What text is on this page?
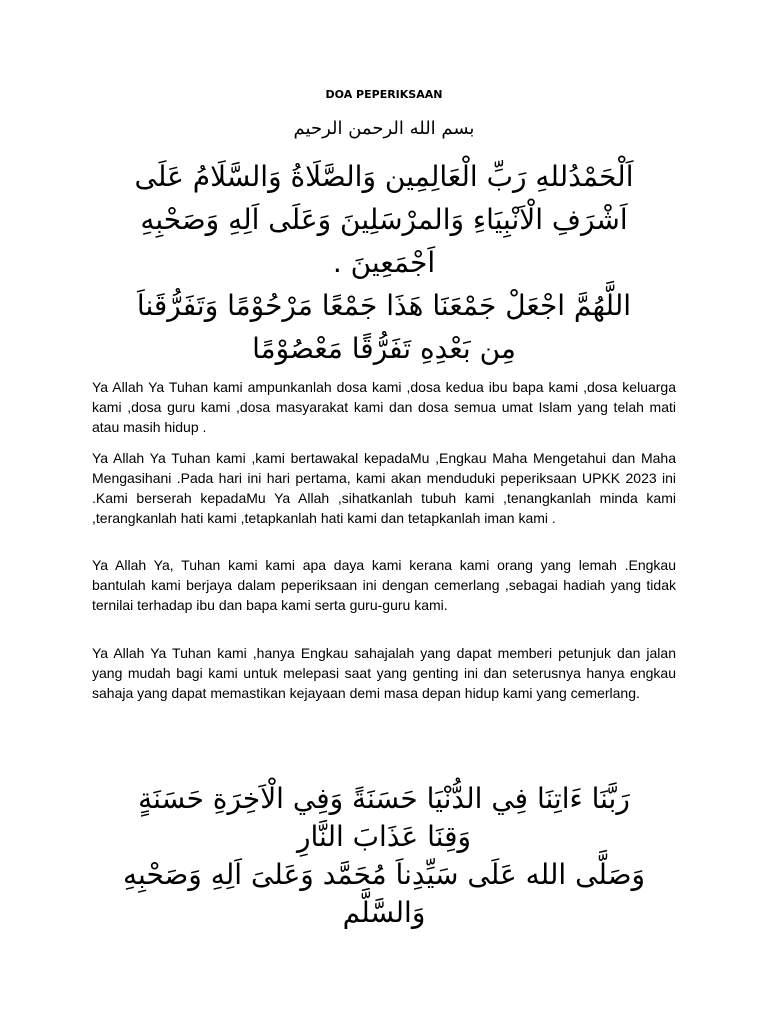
DOA PEPERIKSAAN
بسم الله الرحمن الرحيم
اَلْحَمْدُللهِ رَبِّ الْعَالِمِين وَالصَّلَاةُ وَالسَّلَامُ عَلَى
اَشْرَفِ الْاَنْبِيَاءِ وَالمرْسَلِينَ وَعَلَى اَلِهِ وَصَحْبِهِ
اَجْمَعِينَ .
اللَّهُمَّ اجْعَلْ جَمْعَنَا هَذَا جَمْعًا مَرْحُوْمًا وَتَفَرُّقَناَ
مِن بَعْدِهِ تَفَرُّقًا مَعْصُوْمًا

Ya Allah Ya Tuhan kami ampunkanlah dosa kami ,dosa kedua ibu bapa kami ,dosa keluarga kami ,dosa guru kami ,dosa masyarakat kami dan dosa semua umat Islam yang telah mati atau masih hidup .

Ya Allah Ya Tuhan kami ,kami bertawakal kepadaMu ,Engkau Maha Mengetahui dan Maha Mengasihani .Pada hari ini hari pertama, kami akan menduduki peperiksaan UPKK 2023 ini .Kami berserah kepadaMu Ya Allah ,sihatkanlah tubuh kami ,tenangkanlah minda kami ,terangkanlah hati kami ,tetapkanlah hati kami dan tetapkanlah iman kami .

Ya Allah Ya, Tuhan kami kami apa daya kami kerana kami orang yang lemah .Engkau bantulah kami berjaya dalam peperiksaan ini dengan cemerlang ,sebagai hadiah yang tidak ternilai terhadap ibu dan bapa kami serta guru-guru kami.

Ya Allah Ya Tuhan kami ,hanya Engkau sahajalah yang dapat memberi petunjuk dan jalan yang mudah bagi kami untuk melepasi saat yang genting ini dan seterusnya hanya engkau sahaja yang dapat memastikan kejayaan demi masa depan hidup kami yang cemerlang.

رَبَّنَا ءَاتِنَا فِي الدُّنْيَا حَسَنَةً وَفِي الْاَخِرَةِ حَسَنَةٍ
وَقِنَا عَذَابَ النَّارِ
وَصَلَّى الله عَلَى سَيِّدِناَ مُحَمَّد وَعَلىَ اَلِهِ وَصَحْبِهِ
وَالسَّلَّم
